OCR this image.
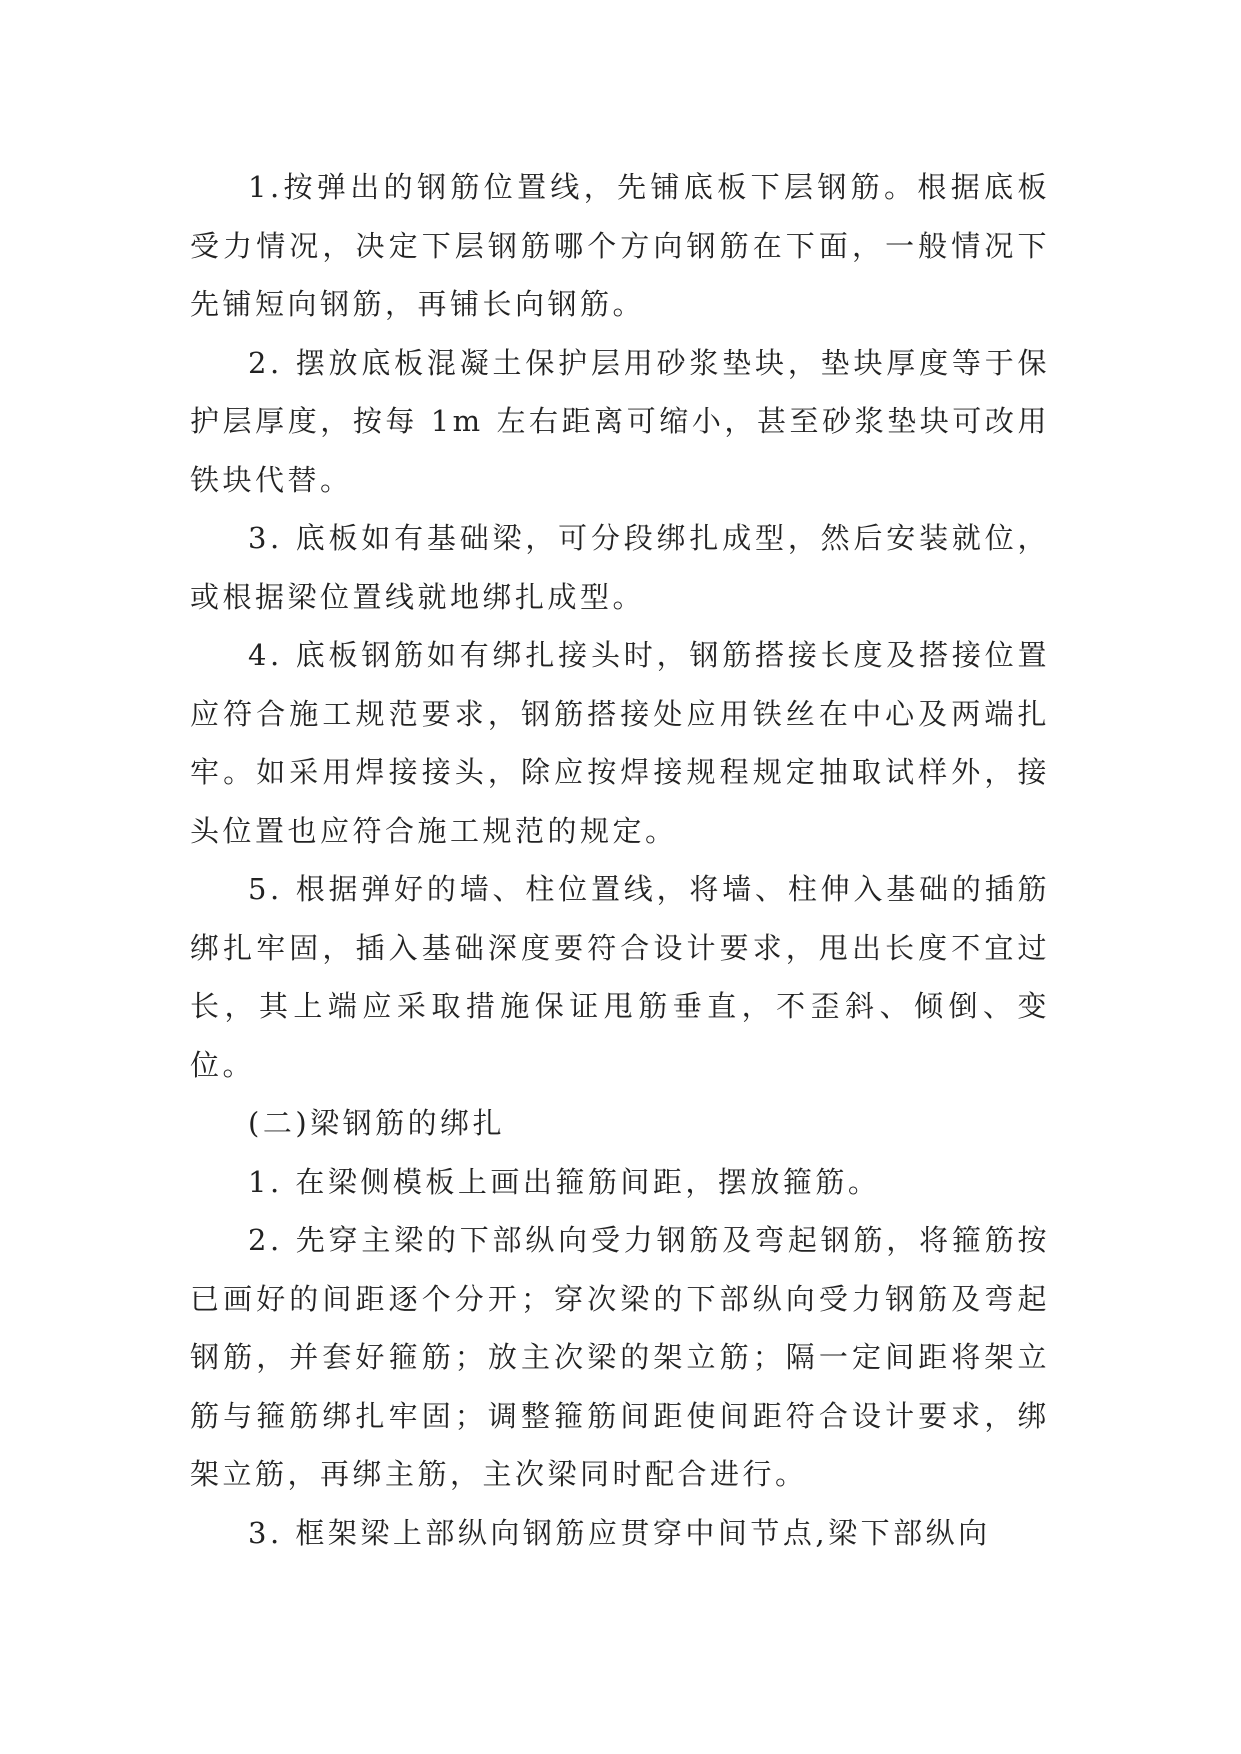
1.按弹出的钢筋位置线，先铺底板下层钢筋。根据底板受力情况，决定下层钢筋哪个方向钢筋在下面，一般情况下先铺短向钢筋，再铺长向钢筋。

2. 摆放底板混凝土保护层用砂浆垫块，垫块厚度等于保护层厚度，按每 1m 左右距离可缩小，甚至砂浆垫块可改用铁块代替。

3. 底板如有基础梁，可分段绑扎成型，然后安装就位，或根据梁位置线就地绑扎成型。

4. 底板钢筋如有绑扎接头时，钢筋搭接长度及搭接位置应符合施工规范要求，钢筋搭接处应用铁丝在中心及两端扎牢。如采用焊接接头，除应按焊接规程规定抽取试样外，接头位置也应符合施工规范的规定。

5. 根据弹好的墙、柱位置线，将墙、柱伸入基础的插筋绑扎牢固，插入基础深度要符合设计要求，甩出长度不宜过长，其上端应采取措施保证甩筋垂直，不歪斜、倾倒、变位。

(二)梁钢筋的绑扎

1. 在梁侧模板上画出箍筋间距，摆放箍筋。

2. 先穿主梁的下部纵向受力钢筋及弯起钢筋，将箍筋按已画好的间距逐个分开；穿次梁的下部纵向受力钢筋及弯起钢筋，并套好箍筋；放主次梁的架立筋；隔一定间距将架立筋与箍筋绑扎牢固；调整箍筋间距使间距符合设计要求，绑架立筋，再绑主筋，主次梁同时配合进行。

3. 框架梁上部纵向钢筋应贯穿中间节点,梁下部纵向
